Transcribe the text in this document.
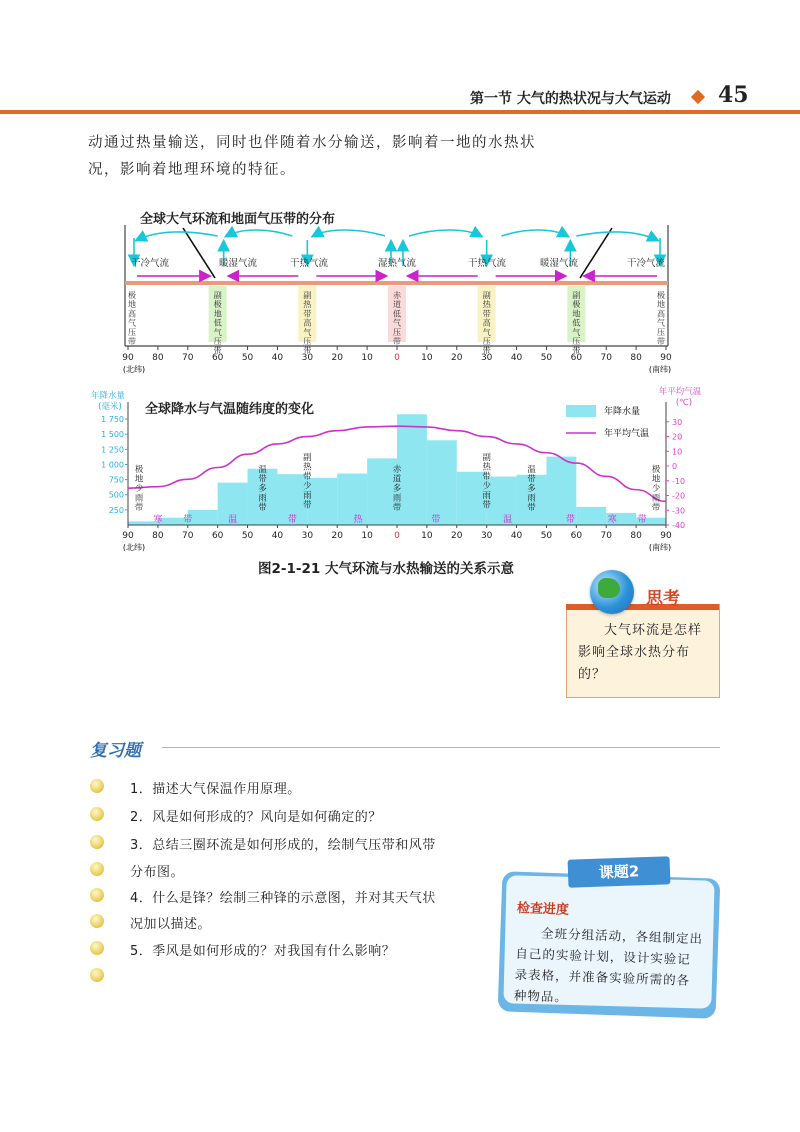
第一节 大气的热状况与大气运动 45
动通过热量输送，同时也伴随着水分输送，影响着一地的水热状
况，影响着地理环境的特征。
全球大气环流和地面气压带的分布
极地高气压带
副极地低气压带
副热带高气压带
赤道低气压带
副热带高气压带
副极地低气压带
极地高气压带
干冷气流	暖湿气流	干热气流	湿热气流	干热气流	暖湿气流	干冷气流
90 80 70 60 50 40 30 20 10 0 10 20 30 40 50 60 70 80 90
(北纬)	(南纬)
全球降水与气温随纬度的变化
250
500
750
1 000
1 250
1 500
1 750
年降水量
(毫米)
-40
-30
-20
-10
0
10
20
30
年平均气温
(℃)
90 80 70 60 50 40 30 20 10 0 10 20 30 40 50 60 70 80 90
(北纬)	(南纬)
极地少雨带
温带多雨带
副热带少雨带
赤道多雨带
副热带少雨带
温带多雨带
极地少雨带
寒 带	温	带	热	带	温	带	寒 带
年降水量
年平均气温
图2-1-21 大气环流与水热输送的关系示意
思考
大气环流是怎样影响全球水热分布的？
复习题
1．描述大气保温作用原理。
2．风是如何形成的？风向是如何确定的？
3．总结三圈环流是如何形成的，绘制气压带和风带
分布图。
4．什么是锋？绘制三种锋的示意图，并对其天气状
况加以描述。
5．季风是如何形成的？对我国有什么影响？
课题2
检查进度
全班分组活动，各组制定出自己的实验计划，设计实验记录表格，并准备实验所需的各种物品。
